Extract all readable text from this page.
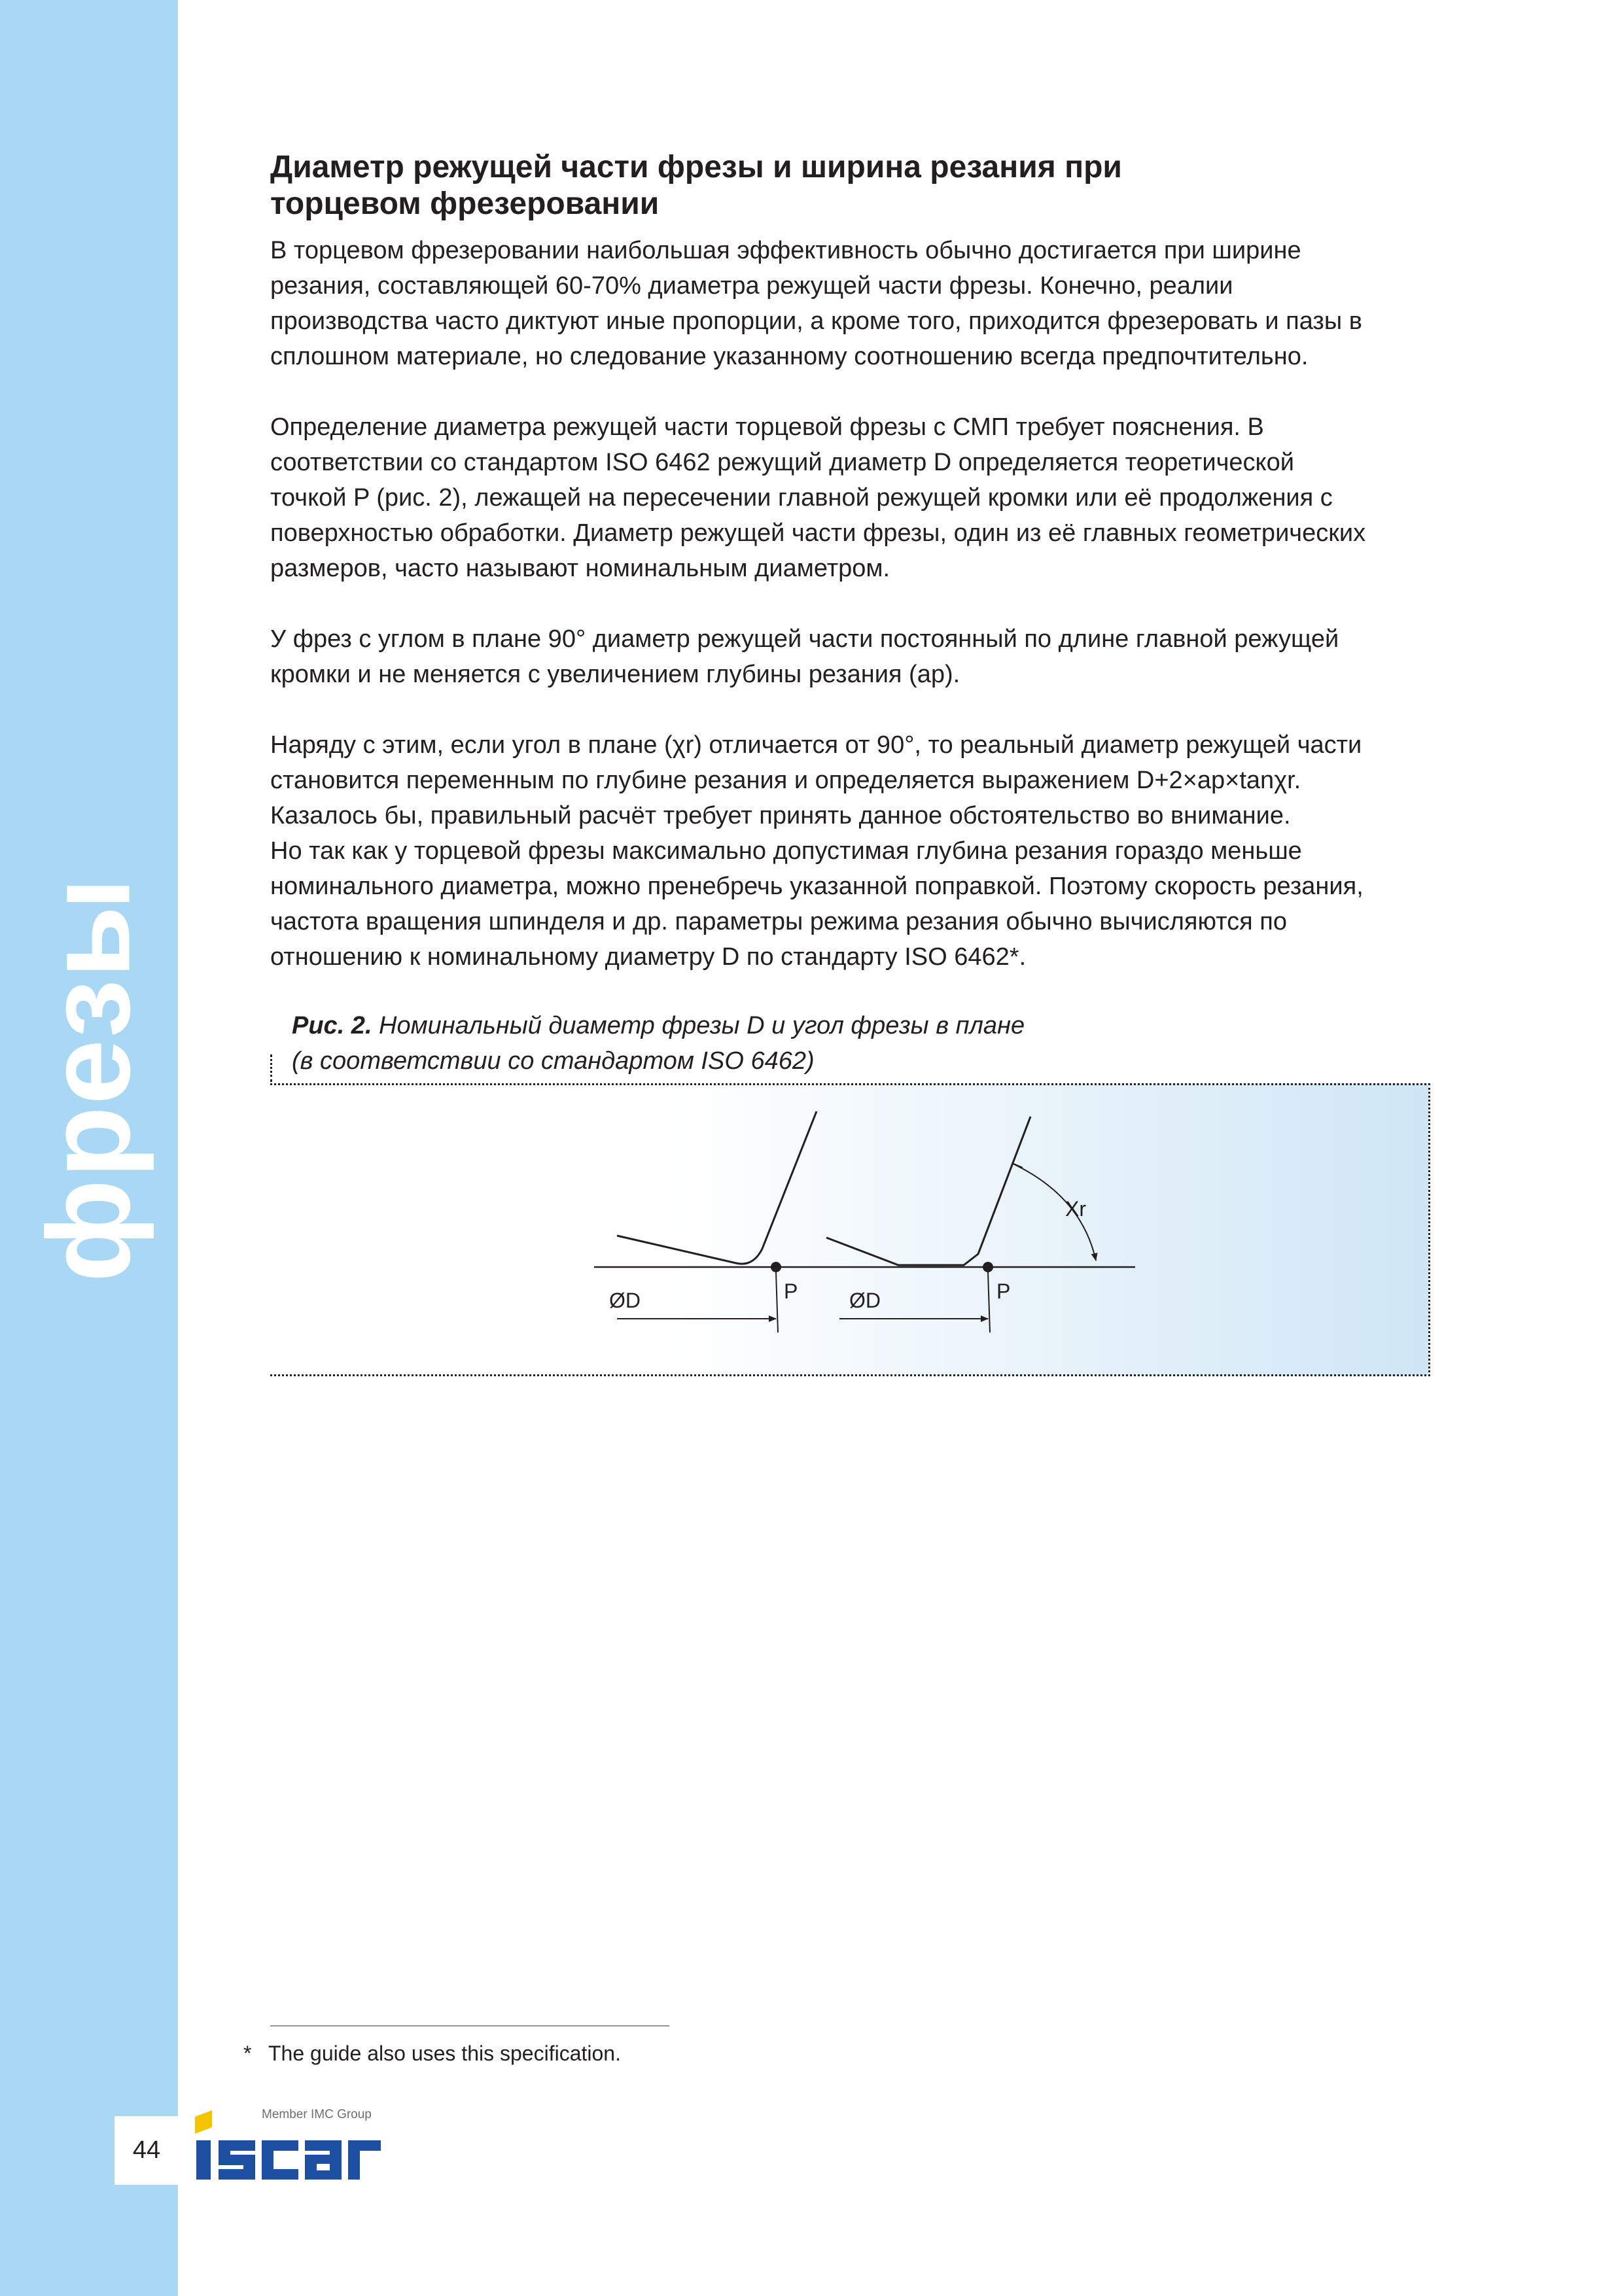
фрезы
44
Member IMC Group
Диаметр режущей части фрезы и ширина резания при
торцевом фрезеровании

В торцевом фрезеровании наибольшая эффективность обычно достигается при ширине
резания, составляющей 60-70% диаметра режущей части фрезы. Конечно, реалии
производства часто диктуют иные пропорции, а кроме того, приходится фрезеровать и пазы в
сплошном материале, но следование указанному соотношению всегда предпочтительно.

Определение диаметра режущей части торцевой фрезы с СМП требует пояснения. В
соответствии со стандартом ISO 6462 режущий диаметр D определяется теоретической
точкой P (рис. 2), лежащей на пересечении главной режущей кромки или её продолжения с
поверхностью обработки. Диаметр режущей части фрезы, один из её главных геометрических
размеров, часто называют номинальным диаметром.

У фрез с углом в плане 90° диаметр режущей части постоянный по длине главной режущей
кромки и не меняется с увеличением глубины резания (ap).

Наряду с этим, если угол в плане (χr) отличается от 90°, то реальный диаметр режущей части
становится переменным по глубине резания и определяется выражением D+2×ap×tanχr.
Казалось бы, правильный расчёт требует принять данное обстоятельство во внимание.

Но так как у торцевой фрезы максимально допустимая глубина резания гораздо меньше
номинального диаметра, можно пренебречь указанной поправкой. Поэтому скорость резания,
частота вращения шпинделя и др. параметры режима резания обычно вычисляются по
отношению к номинальному диаметру D по стандарту ISO 6462*.

Рис. 2. Номинальный диаметр фрезы D и угол фрезы в плане
(в соответствии со стандартом ISO 6462)
ØD	P ØD	P
Xr
* The guide also uses this specification.
